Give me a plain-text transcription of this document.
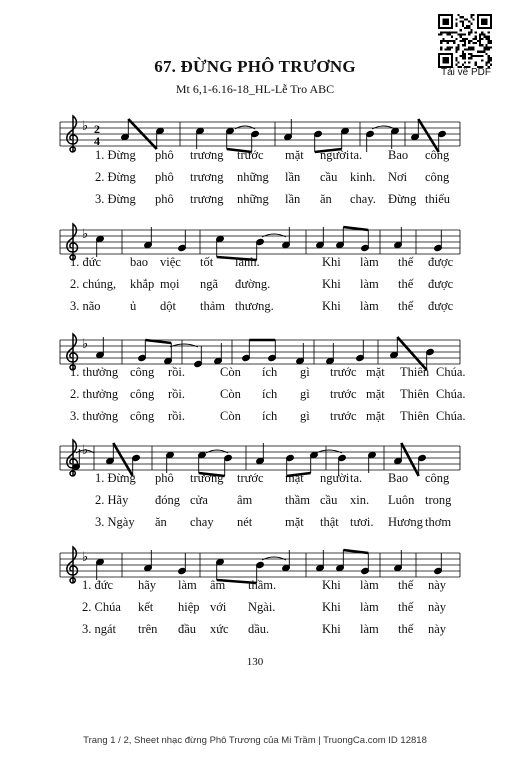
Tải về PDF
67. ĐỪNG PHÔ TRƯƠNG
Mt 6,1-6.16-18_HL-Lễ Tro ABC
♭ 2
4
♭
♭
♭
♭
1. Đừng phô trương trước mặt người ta. Bao công
2. Đừng phô trương những lần cầu kinh. Nơi công
3. Đừng phô trương những lần ăn chay. Đừng thiểu
1. đức bao việc tốt lành.	Khi làm thế được
2. chúng, khắp mọi ngã đường.	Khi làm thế được
3. não ủ dột thảm thương.	Khi làm thế được
1. thưởng công rồi.	Còn ích gì trước mặt Thiên Chúa.
2. thưởng công rồi.	Còn ích gì trước mặt Thiên Chúa.
3. thưởng công rồi.	Còn ích gì trước mặt Thiên Chúa.
1. Đừng phô trương trước mặt người ta. Bao công
2. Hãy đóng cửa âm	thầm cầu xin. Luôn trong
3. Ngày ăn chay nét	mặt thật tươi. Hương thơm
1. đức hãy làm âm thầm.	Khi làm thế này
2. Chúa kết hiệp với Ngài.	Khi làm thế này
3. ngát trên đầu xức dầu.	Khi làm thế này
130
Trang 1 / 2, Sheet nhạc đừng Phô Trương của Mi Trầm | TruongCa.com ID 12818
